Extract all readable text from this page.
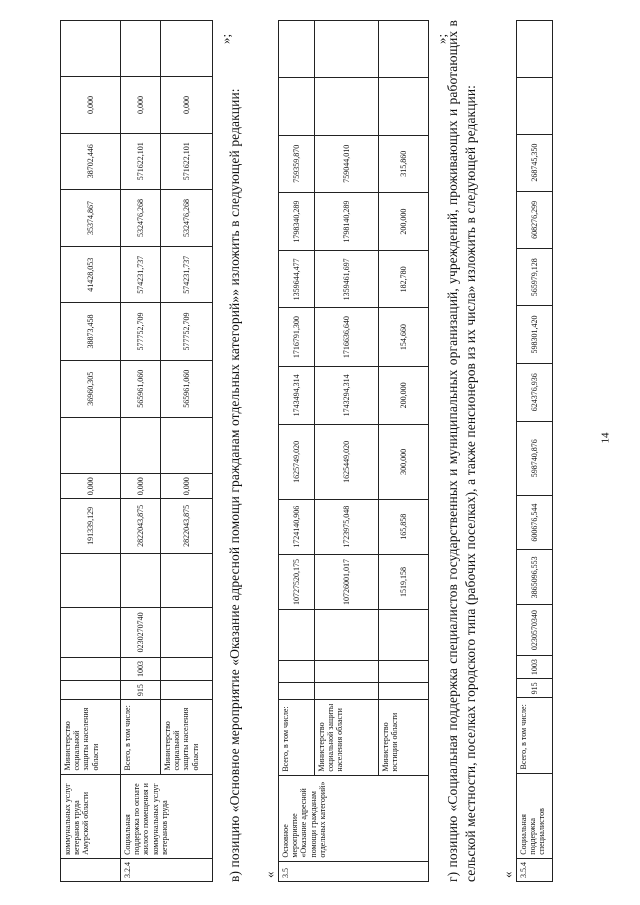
14
	коммунальных услуг ветеранов труда Амурской области	Министерство социальной защиты населения области					191339,129	0,000		36960,305	38873,458	41428,053	35374,867	38702,446	0,000	
3.2.4	Социальная поддержка по оплате жилого помещения и коммунальных услуг ветеранов труда	Всего, в том числе:	915	1003	0230270740		2822043,875	0,000		565961,060	577752,709	574231,737	532476,268	571622,101	0,000	
		Министерство социальной защиты населения области					2822043,875	0,000		565961,060	577752,709	574231,737	532476,268	571622,101	0,000	
»;
в) позицию «Основное мероприятие «Оказание адресной помощи гражданам отдельных категорий»» изложить в следующей редакции: « 3.5	Основное мероприятие «Оказание адресной помощи гражданам отдельных категорий»	Всего, в том числе:				10727520,175	1724140,906	1625749,020	1743494,314	1716791,300	1359644,477	1798340,289	759359,870		
		Министерство социальной защиты населения области				10726001,017	1723975,048	1625449,020	1743294,314	1716636,640	1359461,697	1798140,289	759044,010		
		Министерство юстиции области				1519,158	165,858	300,000	200,000	154,660	182,780	200,000	315,860		
»;
г) позицию «Социальная поддержка специалистов государственных и муниципальных организаций, учреждений, проживающих и работающих в сельской местности, поселках городского типа (рабочих поселках), а также пенсионеров из их числа» изложить в следующей редакции: « 3.5.4	Социальная поддержка специалистов	Всего, в том числе:	915	1003	0230570340	3865096,553	600676,544	598740,876	624376,936	598301,420	565979,128	608276,299	268745,350		
